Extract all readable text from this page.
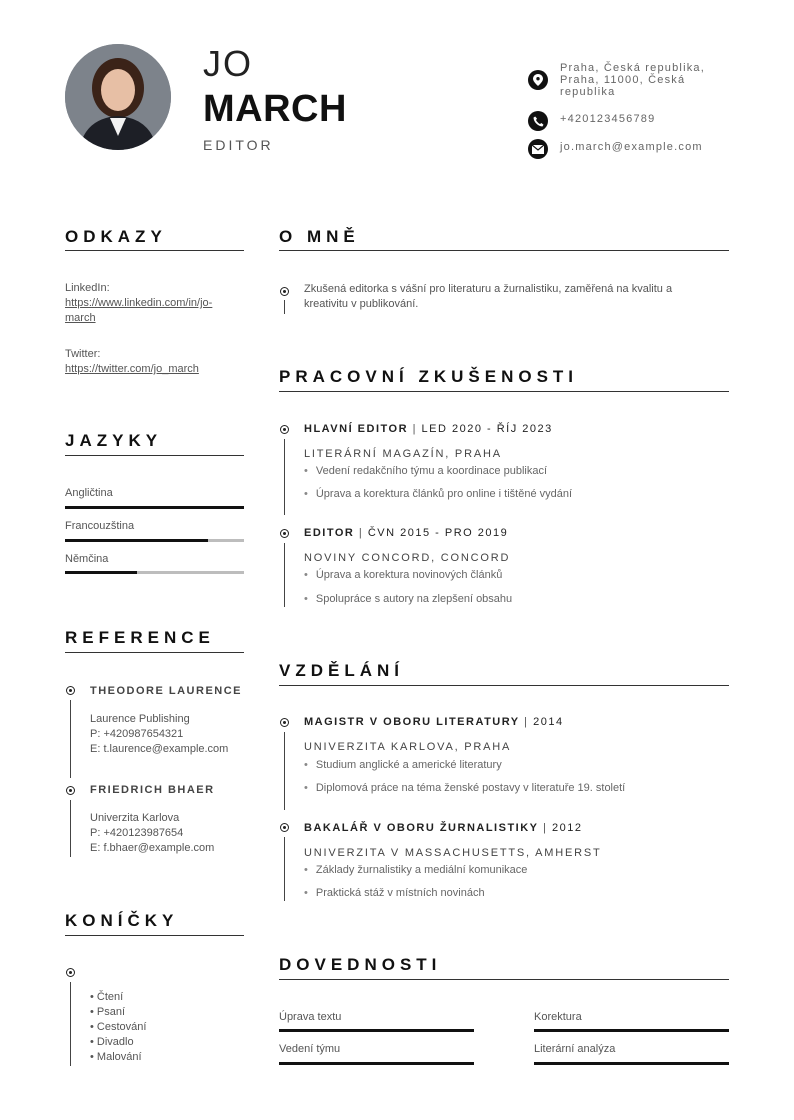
JO
MARCH
EDITOR
Praha, Česká republika,
Praha, 11000, Česká
republika
+420123456789
jo.march@example.com
ODKAZY
LinkedIn:
https://www.linkedin.com/in/jo-
march
Twitter:
https://twitter.com/jo_march
JAZYKY
Angličtina
Francouzština
Němčina
REFERENCE
THEODORE LAURENCE
Laurence Publishing
P: +420987654321
E: t.laurence@example.com
FRIEDRICH BHAER
Univerzita Karlova
P: +420123987654
E: f.bhaer@example.com
KONÍČKY
• Čtení
• Psaní
• Cestování
• Divadlo
• Malování
O MNĚ
Zkušená editorka s vášní pro literaturu a žurnalistiku, zaměřená na kvalitu a
kreativitu v publikování.
PRACOVNÍ ZKUŠENOSTI
HLAVNÍ EDITOR | LED 2020 - ŘÍJ 2023
LITERÁRNÍ MAGAZÍN, PRAHA
• Vedení redakčního týmu a koordinace publikací
• Úprava a korektura článků pro online i tištěné vydání
EDITOR | ČVN 2015 - PRO 2019
NOVINY CONCORD, CONCORD
• Úprava a korektura novinových článků
• Spolupráce s autory na zlepšení obsahu
VZDĚLÁNÍ
MAGISTR V OBORU LITERATURY | 2014
UNIVERZITA KARLOVA, PRAHA
• Studium anglické a americké literatury
• Diplomová práce na téma ženské postavy v literatuře 19. století
BAKALÁŘ V OBORU ŽURNALISTIKY | 2012
UNIVERZITA V MASSACHUSETTS, AMHERST
• Základy žurnalistiky a mediální komunikace
• Praktická stáž v místních novinách
DOVEDNOSTI
Úprava textu	Korektura
Vedení týmu	Literární analýza
